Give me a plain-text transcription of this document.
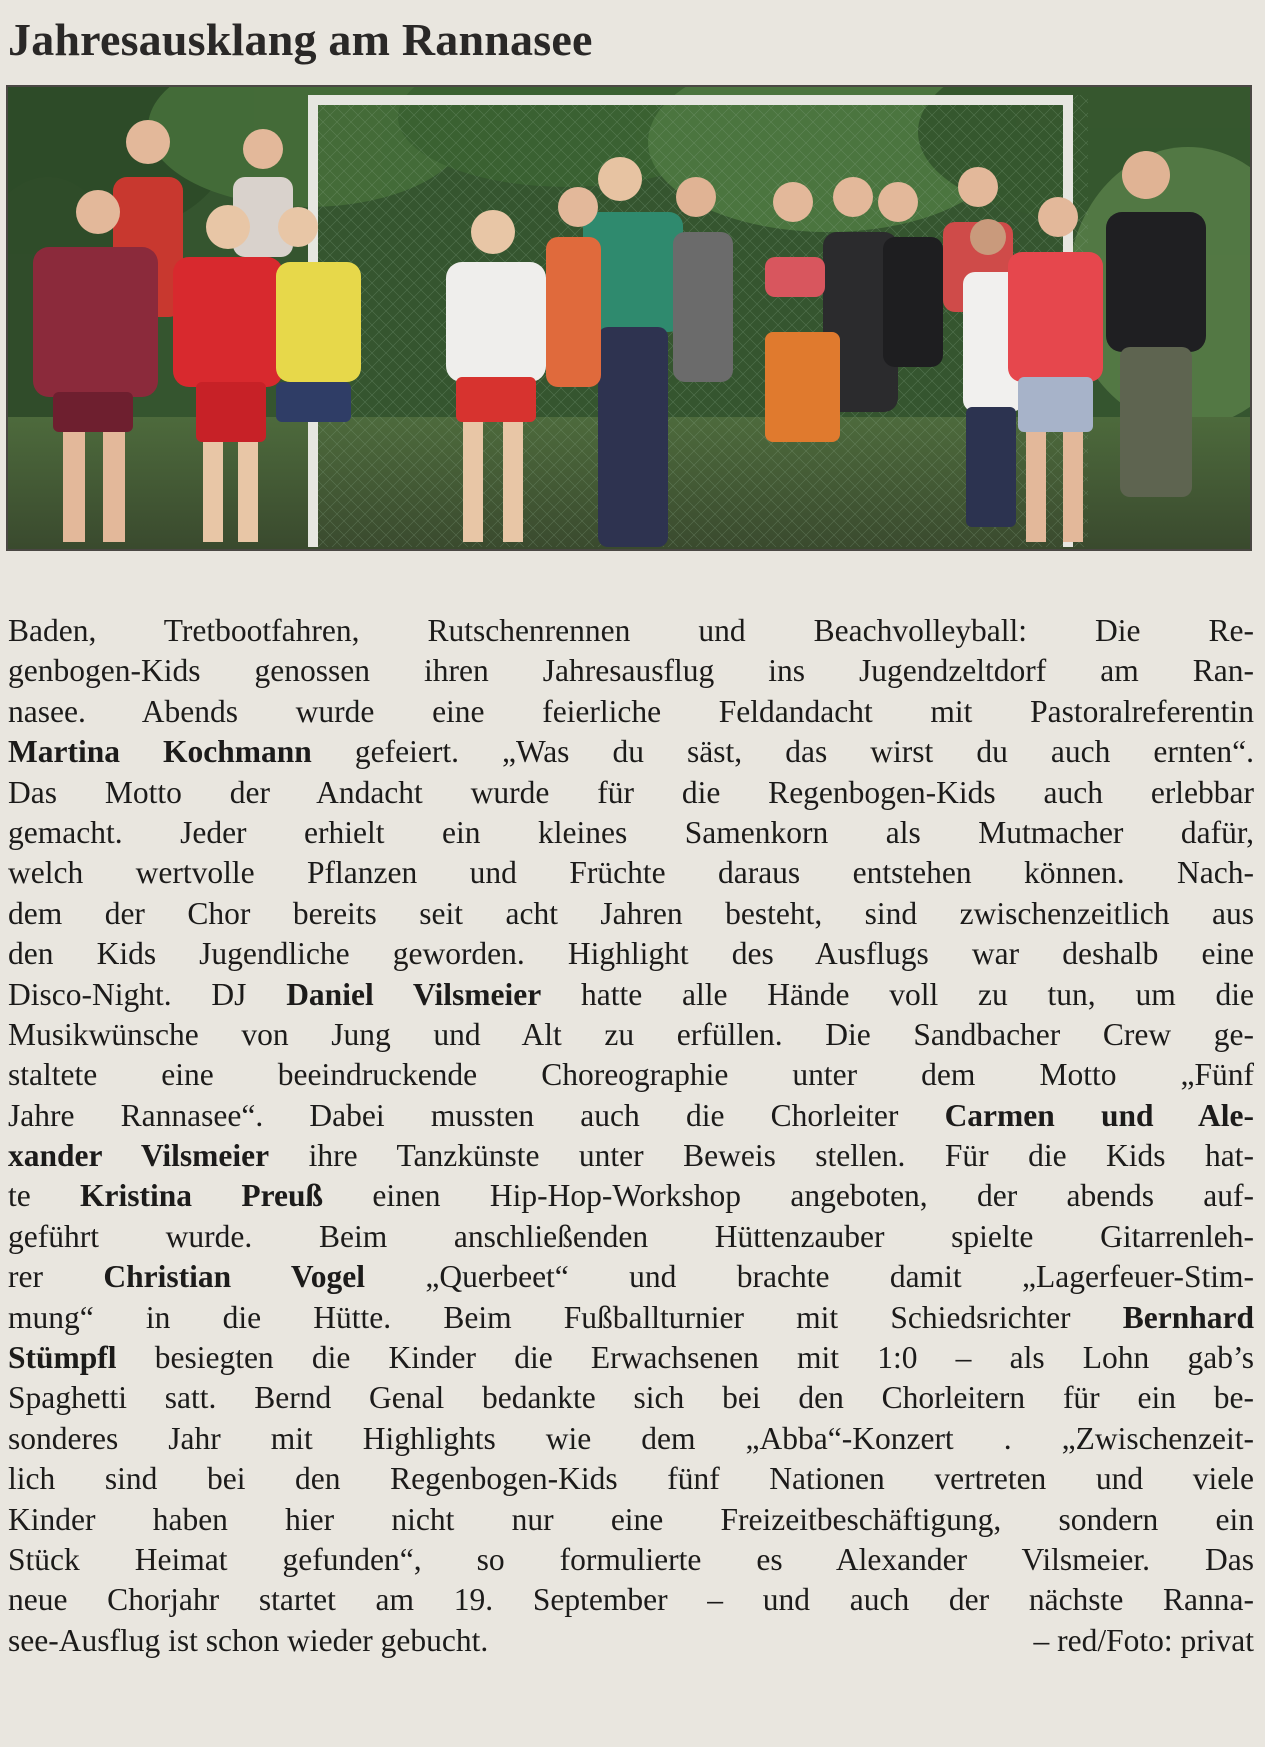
Jahresausklang am Rannasee
Baden, Tretbootfahren, Rutschenrennen und Beachvolleyball: Die Re-
genbogen-Kids genossen ihren Jahresausflug ins Jugendzeltdorf am Ran-
nasee. Abends wurde eine feierliche Feldandacht mit Pastoralreferentin
Martina Kochmann gefeiert. „Was du säst, das wirst du auch ernten“.
Das Motto der Andacht wurde für die Regenbogen-Kids auch erlebbar
gemacht. Jeder erhielt ein kleines Samenkorn als Mutmacher dafür,
welch wertvolle Pflanzen und Früchte daraus entstehen können. Nach-
dem der Chor bereits seit acht Jahren besteht, sind zwischenzeitlich aus
den Kids Jugendliche geworden. Highlight des Ausflugs war deshalb eine
Disco-Night. DJ Daniel Vilsmeier hatte alle Hände voll zu tun, um die
Musikwünsche von Jung und Alt zu erfüllen. Die Sandbacher Crew ge-
staltete eine beeindruckende Choreographie unter dem Motto „Fünf
Jahre Rannasee“. Dabei mussten auch die Chorleiter Carmen und Ale-
xander Vilsmeier ihre Tanzkünste unter Beweis stellen. Für die Kids hat-
te Kristina Preuß einen Hip-Hop-Workshop angeboten, der abends auf-
geführt wurde. Beim anschließenden Hüttenzauber spielte Gitarrenleh-
rer Christian Vogel „Querbeet“ und brachte damit „Lagerfeuer-Stim-
mung“ in die Hütte. Beim Fußballturnier mit Schiedsrichter Bernhard
Stümpfl besiegten die Kinder die Erwachsenen mit 1:0 – als Lohn gab’s
Spaghetti satt. Bernd Genal bedankte sich bei den Chorleitern für ein be-
sonderes Jahr mit Highlights wie dem „Abba“-Konzert . „Zwischenzeit-
lich sind bei den Regenbogen-Kids fünf Nationen vertreten und viele
Kinder haben hier nicht nur eine Freizeitbeschäftigung, sondern ein
Stück Heimat gefunden“, so formulierte es Alexander Vilsmeier. Das
neue Chorjahr startet am 19. September – und auch der nächste Ranna-
see-Ausflug ist schon wieder gebucht.	– red/Foto: privat
